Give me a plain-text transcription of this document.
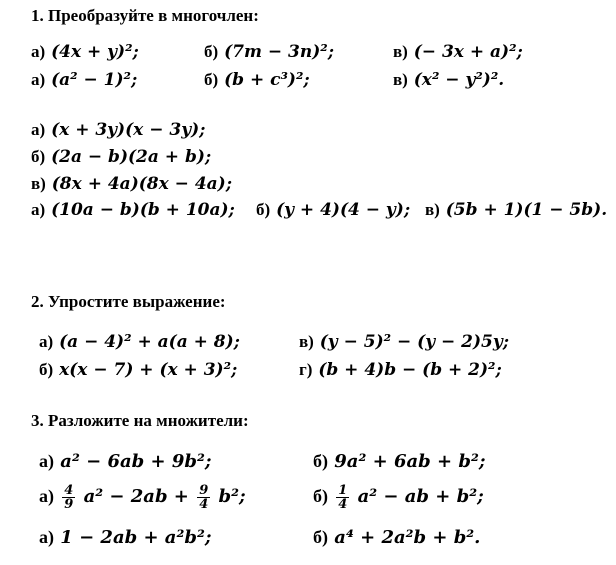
1. Преобразуйте в многочлен:
а) (4x + y)²;	б) (7m − 3n)²;	в) (− 3x + a)²;
а) (a² − 1)²;	б) (b + c³)²;	в) (x² − y²)².
а) (x + 3y)(x − 3y);
б) (2a − b)(2a + b);
в) (8x + 4a)(8x − 4a);
а) (10a − b)(b + 10a); б) (y + 4)(4 − y); в) (5b + 1)(1 − 5b).
2. Упростите выражение:
а) (a − 4)² + a(a + 8);	в) (y − 5)² − (y − 2)5y;
б) x(x − 7) + (x + 3)²;	г) (b + 4)b − (b + 2)²;
3. Разложите на множители:
а) a² − 6ab + 9b²;	б) 9a² + 6ab + b²;
$а) \frac{4}{9} a^2 - 2ab + \frac{9}{4} b^2$;	$б) \frac{1}{4} a^2$ − ab + b²;
а) 1 − 2ab + a²b²;	б) a⁴ + 2a²b + b².
